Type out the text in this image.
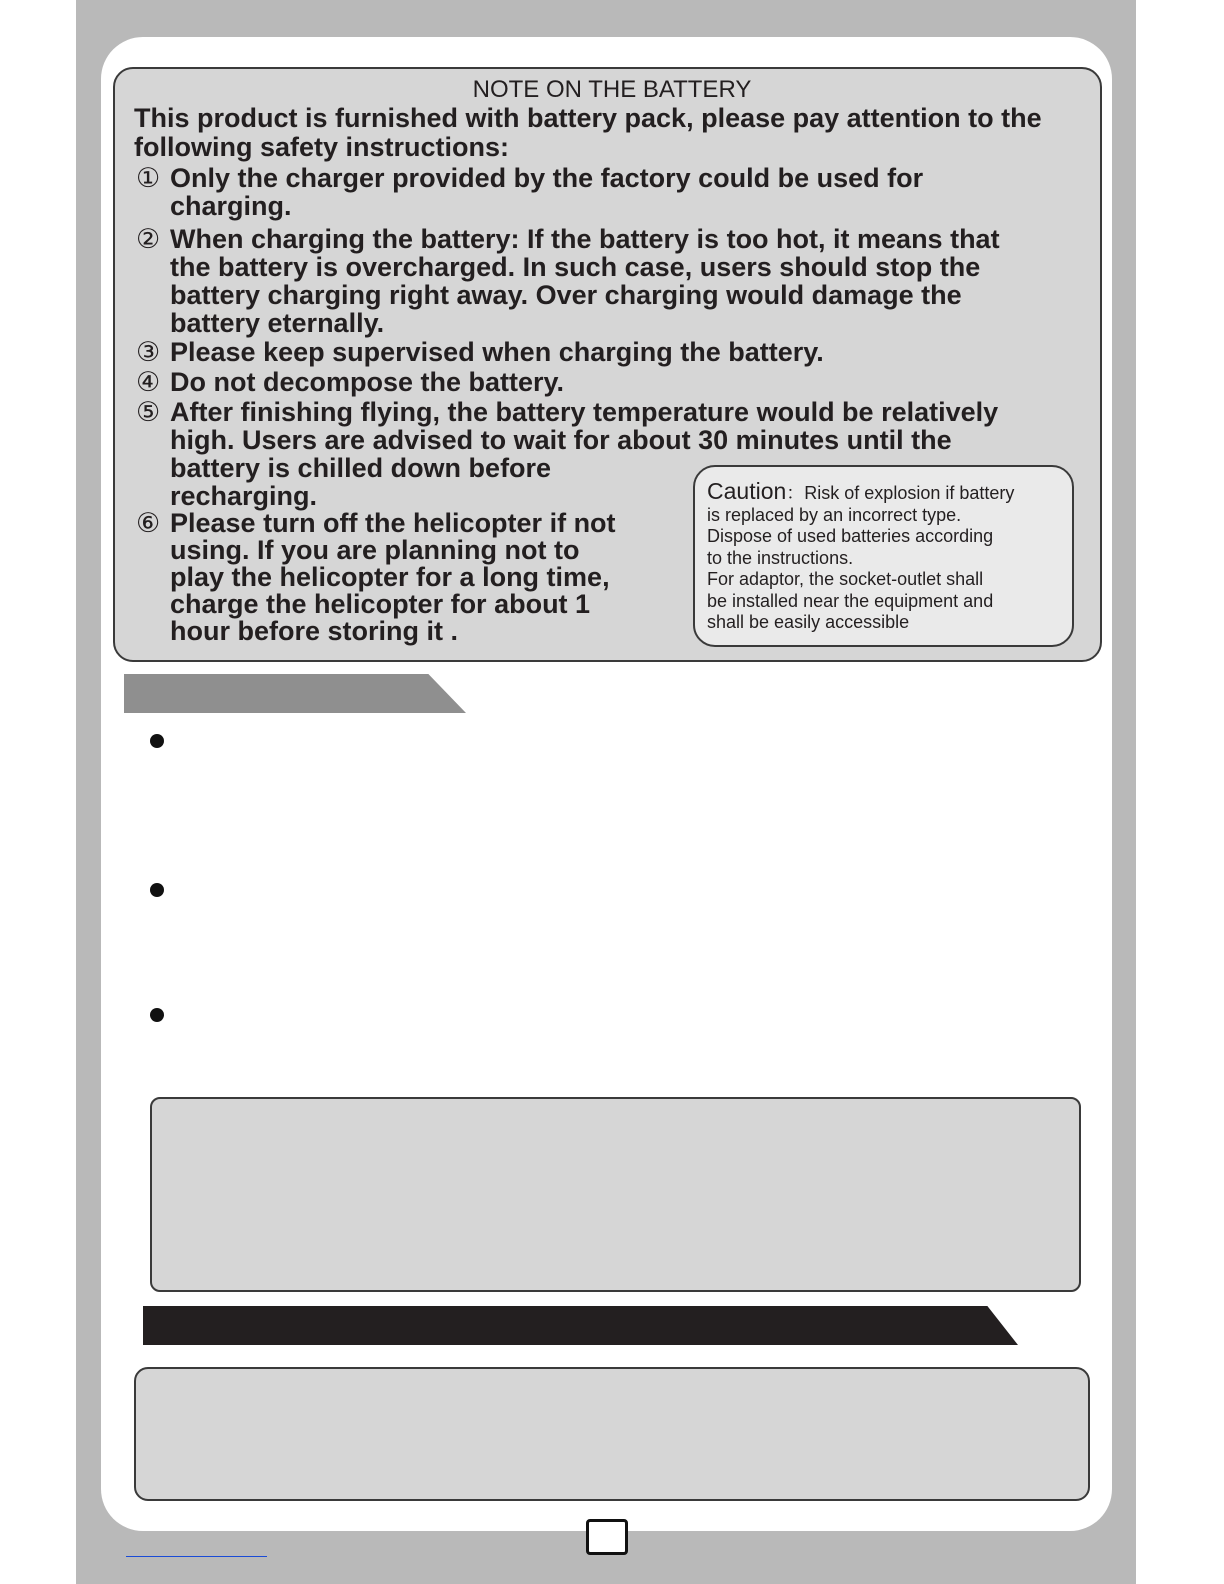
NOTE ON THE BATTERY
This product is furnished with battery pack, please pay attention to the following safety instructions:
① Only the charger provided by the factory could be used for
charging.
② When charging the battery: If the battery is too hot, it means that
the battery is overcharged. In such case, users should stop the
battery charging right away. Over charging would damage the
battery eternally.
③ Please keep supervised when charging the battery.
④ Do not decompose the battery.
⑤ After finishing flying, the battery temperature would be relatively
high. Users are advised to wait for about 30 minutes until the
battery is chilled down before
recharging.
⑥ Please turn off the helicopter if not
using. If you are planning not to
play the helicopter for a long time,
charge the helicopter for about 1
hour before storing it .
Caution：Risk of explosion if battery
is replaced by an incorrect type.
Dispose of used batteries according
to the instructions.
For adaptor, the socket-outlet shall
be installed near the equipment and
shall be easily accessible
